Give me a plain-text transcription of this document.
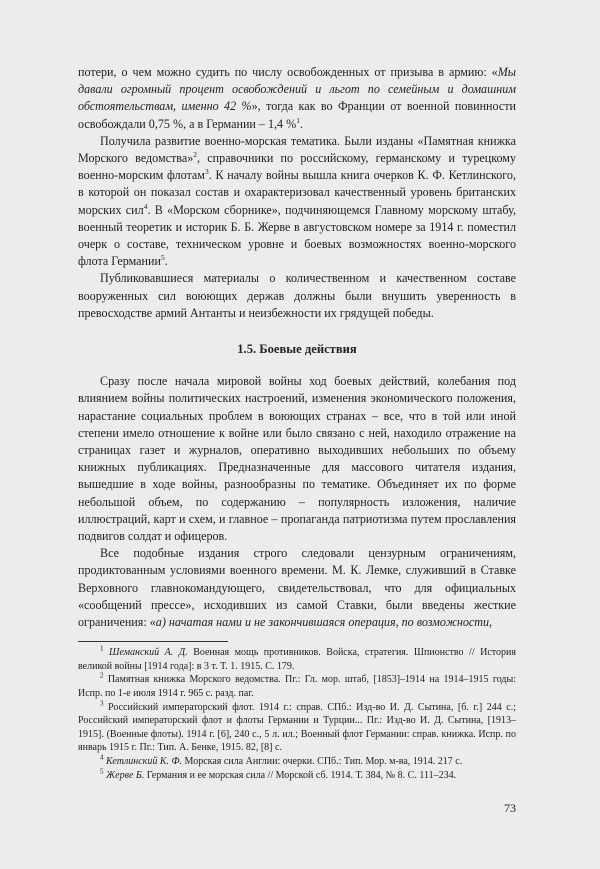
потери, о чем можно судить по числу освобожденных от призыва в армию: «Мы давали огромный процент освобождений и льгот по семейным и домашним обстоятельствам, именно 42 %», тогда как во Франции от военной повинности освобождали 0,75 %, а в Германии – 1,4 %$^1$.

Получила развитие военно-морская тематика. Были изданы «Памятная книжка Морского ведомства»$^2$, справочники по российскому, германскому и турецкому военно-морским флотам$^3$. К началу войны вышла книга очерков К. Ф. Кетлинского, в которой он показал состав и охарактеризовал качественный уровень британских морских сил$^4$. В «Морском сборнике», подчиняющемся Главному морскому штабу, военный теоретик и историк Б. Б. Жерве в августовском номере за 1914 г. поместил очерк о составе, техническом уровне и боевых возможностях военно-морского флота Германии$^5$.

Публиковавшиеся материалы о количественном и качественном составе вооруженных сил воюющих держав должны были внушить уверенность в превосходстве армий Антанты и неизбежности их грядущей победы.

1.5. Боевые действия

Сразу после начала мировой войны ход боевых действий, колебания под влиянием войны политических настроений, изменения экономического положения, нарастание социальных проблем в воюющих странах – все, что в той или иной степени имело отношение к войне или было связано с ней, находило отражение на страницах газет и журналов, оперативно выходивших небольших по объему книжных публикациях. Предназначенные для массового читателя издания, вышедшие в ходе войны, разнообразны по тематике. Объединяет их по форме небольшой объем, по содержанию – популярность изложения, наличие иллюстраций, карт и схем, и главное – пропаганда патриотизма путем прославления подвигов солдат и офицеров.

Все подобные издания строго следовали цензурным ограничениям, продиктованным условиями военного времени. М. К. Лемке, служивший в Ставке Верховного главнокомандующего, свидетельствовал, что для официальных «сообщений прессе», исходивших из самой Ставки, были введены жесткие ограничения: «а) начатая нами и не закончившаяся операция, по возможности,

$^1$ Шеманский А. Д. Военная мощь противников. Войска, стратегия. Шпионство // История великой войны [1914 года]: в 3 т. Т. 1. 1915. С. 179.

$^2$ Памятная книжка Морского ведомства. Пг.: Гл. мор. штаб, [1853]–1914 на 1914–1915 годы: Испр. по 1-е июля 1914 г. 965 с. разд. паг.

$^3$ Российский императорский флот. 1914 г.: справ. СПб.: Изд-во И. Д. Сытина, [б. г.] 244 с.; Российский императорский флот и флоты Германии и Турции... Пг.: Изд-во И. Д. Сытина, [1913–1915]. (Военные флоты). 1914 г. [6], 240 с., 5 л. ил.; Военный флот Германии: справ. книжка. Испр. по январь 1915 г. Пг.: Тип. А. Бенке, 1915. 82, [8] с.

$^4$ Кетлинский К. Ф. Морская сила Англии: очерки. СПб.: Тип. Мор. м-ва, 1914. 217 с.

$^5$ Жерве Б. Германия и ее морская сила // Морской сб. 1914. Т. 384, № 8. С. 111–234.

73
